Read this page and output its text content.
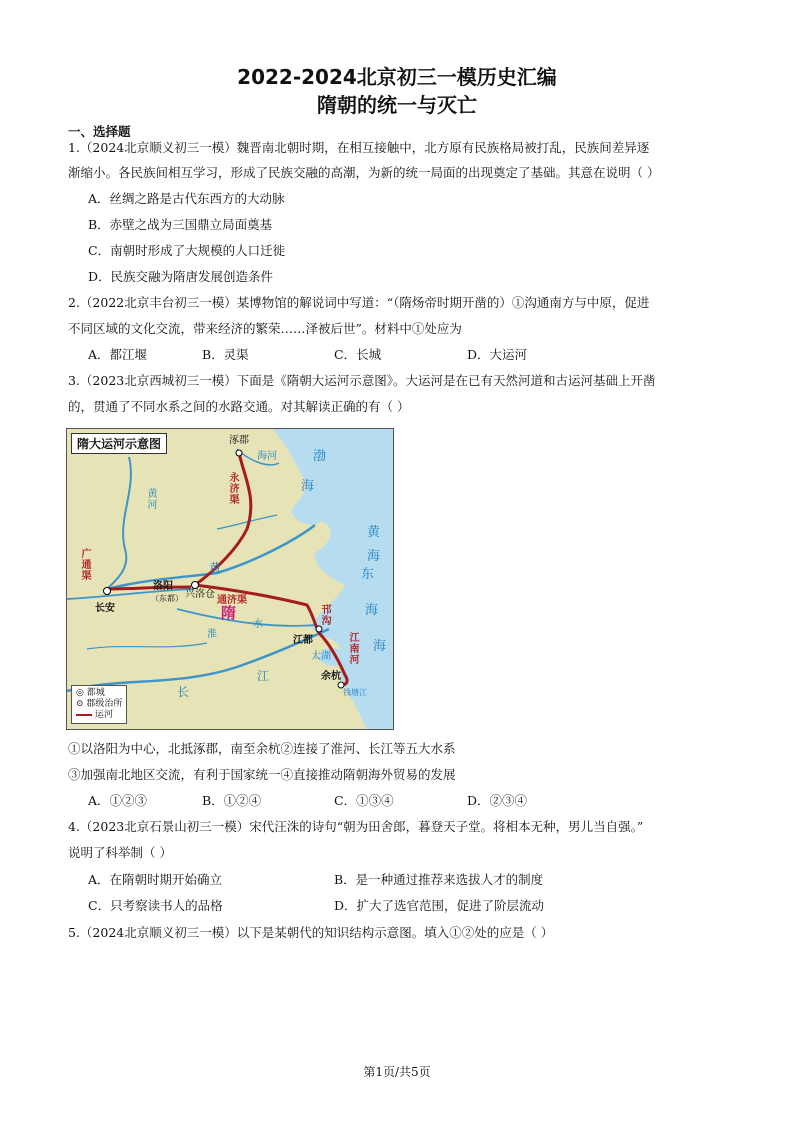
2022-2024北京初三一模历史汇编
隋朝的统一与灭亡
一、选择题
1.（2024北京顺义初三一模）魏晋南北朝时期，在相互接触中，北方原有民族格局被打乱，民族间差异逐
渐缩小。各民族间相互学习，形成了民族交融的高潮，为新的统一局面的出现奠定了基础。其意在说明（ ）
A．丝绸之路是古代东西方的大动脉
B．赤壁之战为三国鼎立局面奠基
C．南朝时形成了大规模的人口迁徙
D．民族交融为隋唐发展创造条件
2.（2022北京丰台初三一模）某博物馆的解说词中写道：“（隋炀帝时期开凿的）①沟通南方与中原，促进
不同区域的文化交流，带来经济的繁荣……泽被后世”。材料中①处应为
A．都江堰	B．灵渠	C．长城	D．大运河
3.（2023北京西城初三一模）下面是《隋朝大运河示意图》。大运河是在已有天然河道和古运河基础上开凿
的，贯通了不同水系之间的水路交通。对其解读正确的有（ ）
隋大运河示意图	涿郡
海河	渤
海
永济渠
黄河
广通渠
洛阳
（东都） 兴洛仓
长安
通济渠
黄
隋
淮
水
江都
邗沟
江南河
太湖
余杭
钱塘江
长
江
黄
海
东
海
海
◎ 都城
⊙ 郡级治所
运河
①以洛阳为中心，北抵涿郡，南至余杭②连接了淮河、长江等五大水系
③加强南北地区交流，有利于国家统一④直接推动隋朝海外贸易的发展
A．①②③	B．①②④	C．①③④	D．②③④
4.（2023北京石景山初三一模）宋代汪洙的诗句“朝为田舍郎，暮登天子堂。将相本无种，男儿当自强。”
说明了科举制（ ）
A．在隋朝时期开始确立	B．是一种通过推荐来选拔人才的制度
C．只考察读书人的品格	D．扩大了选官范围，促进了阶层流动
5.（2024北京顺义初三一模）以下是某朝代的知识结构示意图。填入①②处的应是（ ）
第1页/共5页
